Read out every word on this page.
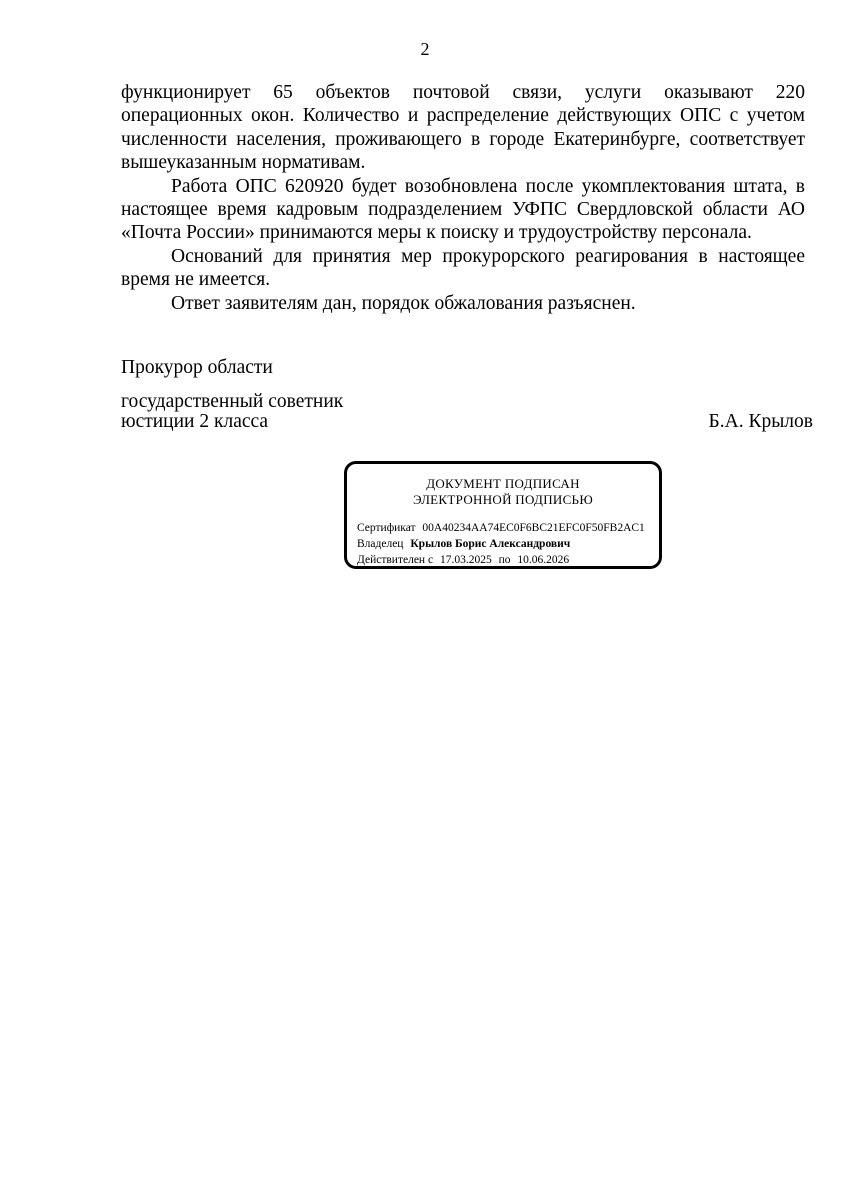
2

функционирует 65 объектов почтовой связи, услуги оказывают 220 операционных окон. Количество и распределение действующих ОПС с учетом численности населения, проживающего в городе Екатеринбурге, соответствует вышеуказанным нормативам.

Работа ОПС 620920 будет возобновлена после укомплектования штата, в настоящее время кадровым подразделением УФПС Свердловской области АО «Почта России» принимаются меры к поиску и трудоустройству персонала.

Оснований для принятия мер прокурорского реагирования в настоящее время не имеется.

Ответ заявителям дан, порядок обжалования разъяснен.

Прокурор области
государственный советник
юстиции 2 класса	Б.А. Крылов
ДОКУМЕНТ ПОДПИСАН
ЭЛЕКТРОННОЙ ПОДПИСЬЮ
Сертификат 00A40234AA74EC0F6BC21EFC0F50FB2AC1
Владелец Крылов Борис Александрович
Действителен с 17.03.2025 по 10.06.2026
